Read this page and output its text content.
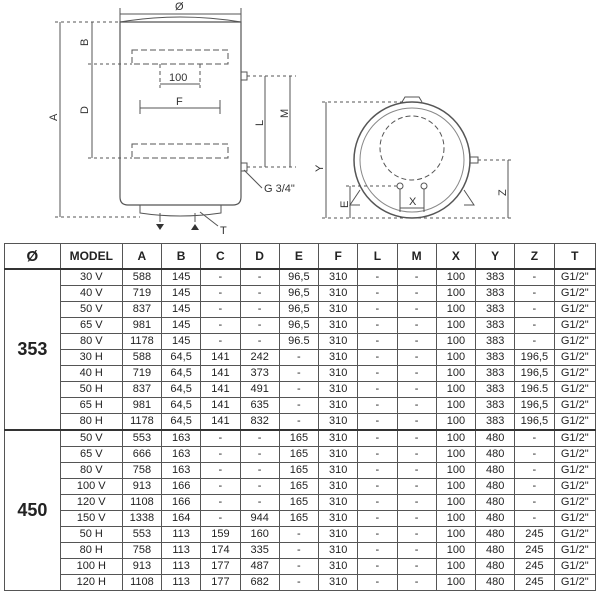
Ø
A
B
D
100
F
L
M
G 3/4"
T
Y
E	X
Z
Ø	MODEL	A	B	C	D	E	F	L	M	X	Y	Z	T
353	30 V	588	145	-	-	96,5	310	-	-	100	383	-	G1/2"
	40 V	719	145	-	-	96,5	310	-	-	100	383	-	G1/2"
	50 V	837	145	-	-	96,5	310	-	-	100	383	-	G1/2"
	65 V	981	145	-	-	96,5	310	-	-	100	383	-	G1/2"
	80 V	1178	145	-	-	96.5	310	-	-	100	383	-	G1/2"
	30 H	588	64,5	141	242	-	310	-	-	100	383	196,5	G1/2"
	40 H	719	64,5	141	373	-	310	-	-	100	383	196,5	G1/2"
	50 H	837	64,5	141	491	-	310	-	-	100	383	196.5	G1/2"
	65 H	981	64,5	141	635	-	310	-	-	100	383	196,5	G1/2"
	80 H	1178	64,5	141	832	-	310	-	-	100	383	196,5	G1/2"
450	50 V	553	163	-	-	165	310	-	-	100	480	-	G1/2"
	65 V	666	163	-	-	165	310	-	-	100	480	-	G1/2"
	80 V	758	163	-	-	165	310	-	-	100	480	-	G1/2"
	100 V	913	166	-	-	165	310	-	-	100	480	-	G1/2"
	120 V	1108	166	-	-	165	310	-	-	100	480	-	G1/2"
	150 V	1338	164	-	944	165	310	-	-	100	480	-	G1/2"
	50 H	553	113	159	160	-	310	-	-	100	480	245	G1/2"
	80 H	758	113	174	335	-	310	-	-	100	480	245	G1/2"
	100 H	913	113	177	487	-	310	-	-	100	480	245	G1/2"
	120 H	1108	113	177	682	-	310	-	-	100	480	245	G1/2"
